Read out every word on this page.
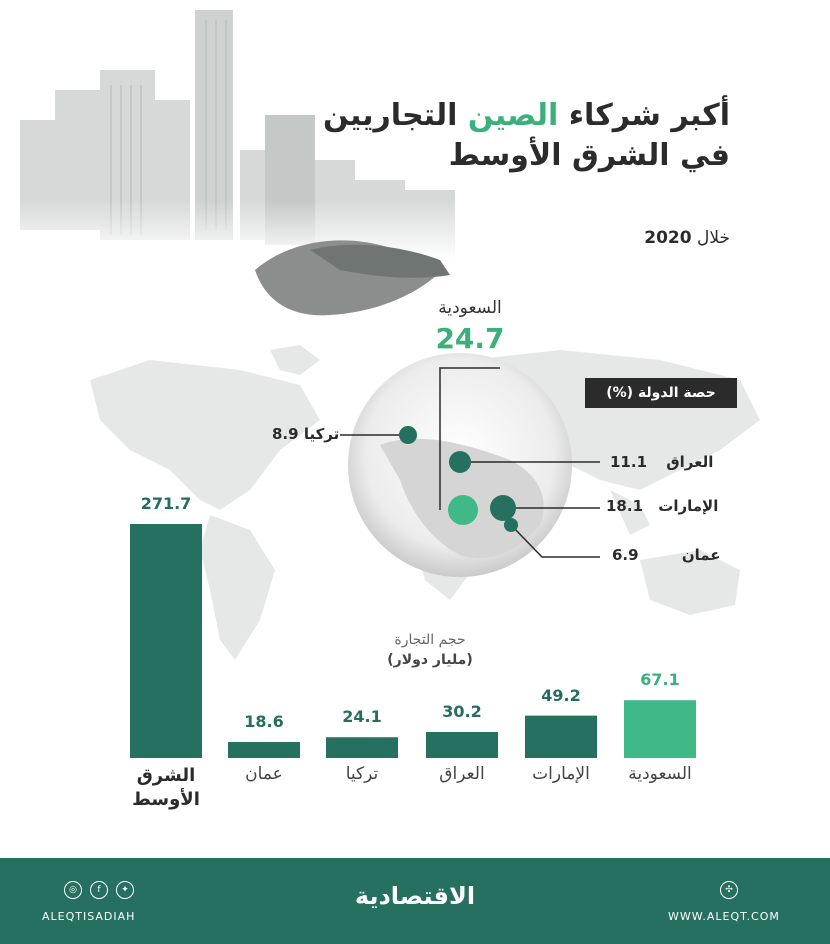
أكبر شركاء الصين التجاريين
في الشرق الأوسط
خلال 2020
السعودية
24.7
حصة الدولة (%)
تركيا 8.9
11.1 العراق
18.1 الإمارات
6.9	عمان
حجم التجارة
(مليار دولار)
271.7
الشرق
الأوسط
67.1
السعودية
49.2
الإمارات
30.2
العراق
24.1
تركيا
18.6
عمان
الاقتصادية
◎	f	✦
ALEQTISADIAH
✣
WWW.ALEQT.COM
